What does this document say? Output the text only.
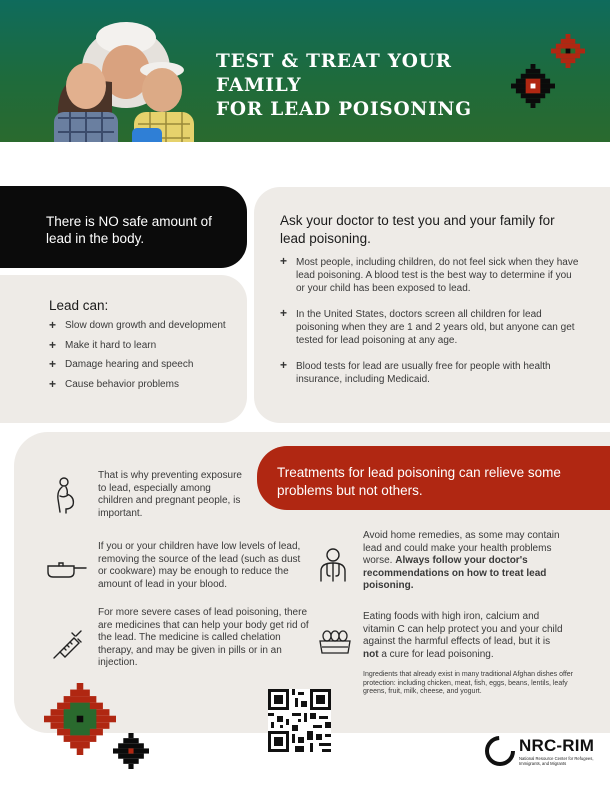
TEST & TREAT YOUR FAMILY
FOR LEAD POISONING

There is NO safe amount of lead in the body.

Lead can:
+ Slow down growth and development
+ Make it hard to learn
+ Damage hearing and speech
+ Cause behavior problems
Ask your doctor to test you and your family for lead poisoning.
+ Most people, including children, do not feel sick when they have lead poisoning. A blood test is the best way to determine if you or your child has been exposed to lead.
+ In the United States, doctors screen all children for lead poisoning when they are 1 and 2 years old, but anyone can get tested for lead poisoning at any age.
+ Blood tests for lead are usually free for people with health insurance, including Medicaid.

Treatments for lead poisoning can relieve some problems but not others.

That is why preventing exposure to lead, especially among children and pregnant people, is important.
If you or your children have low levels of lead, removing the source of the lead (such as dust or cookware) may be enough to reduce the amount of lead in your blood.
For more severe cases of lead poisoning, there are medicines that can help your body get rid of the lead. The medicine is called chelation therapy, and may be given in pills or in an injection.
Avoid home remedies, as some may contain lead and could make your health problems worse. Always follow your doctor's recommendations on how to treat lead poisoning.
Eating foods with high iron, calcium and vitamin C can help protect you and your child against the harmful effects of lead, but it is not a cure for lead poisoning.
Ingredients that already exist in many traditional Afghan dishes offer protection: including chicken, meat, fish, eggs, beans, lentils, leafy greens, fruit, milk, cheese, and yogurt.
NRC-RIM
National Resource Center for Refugees, Immigrants, and Migrants
